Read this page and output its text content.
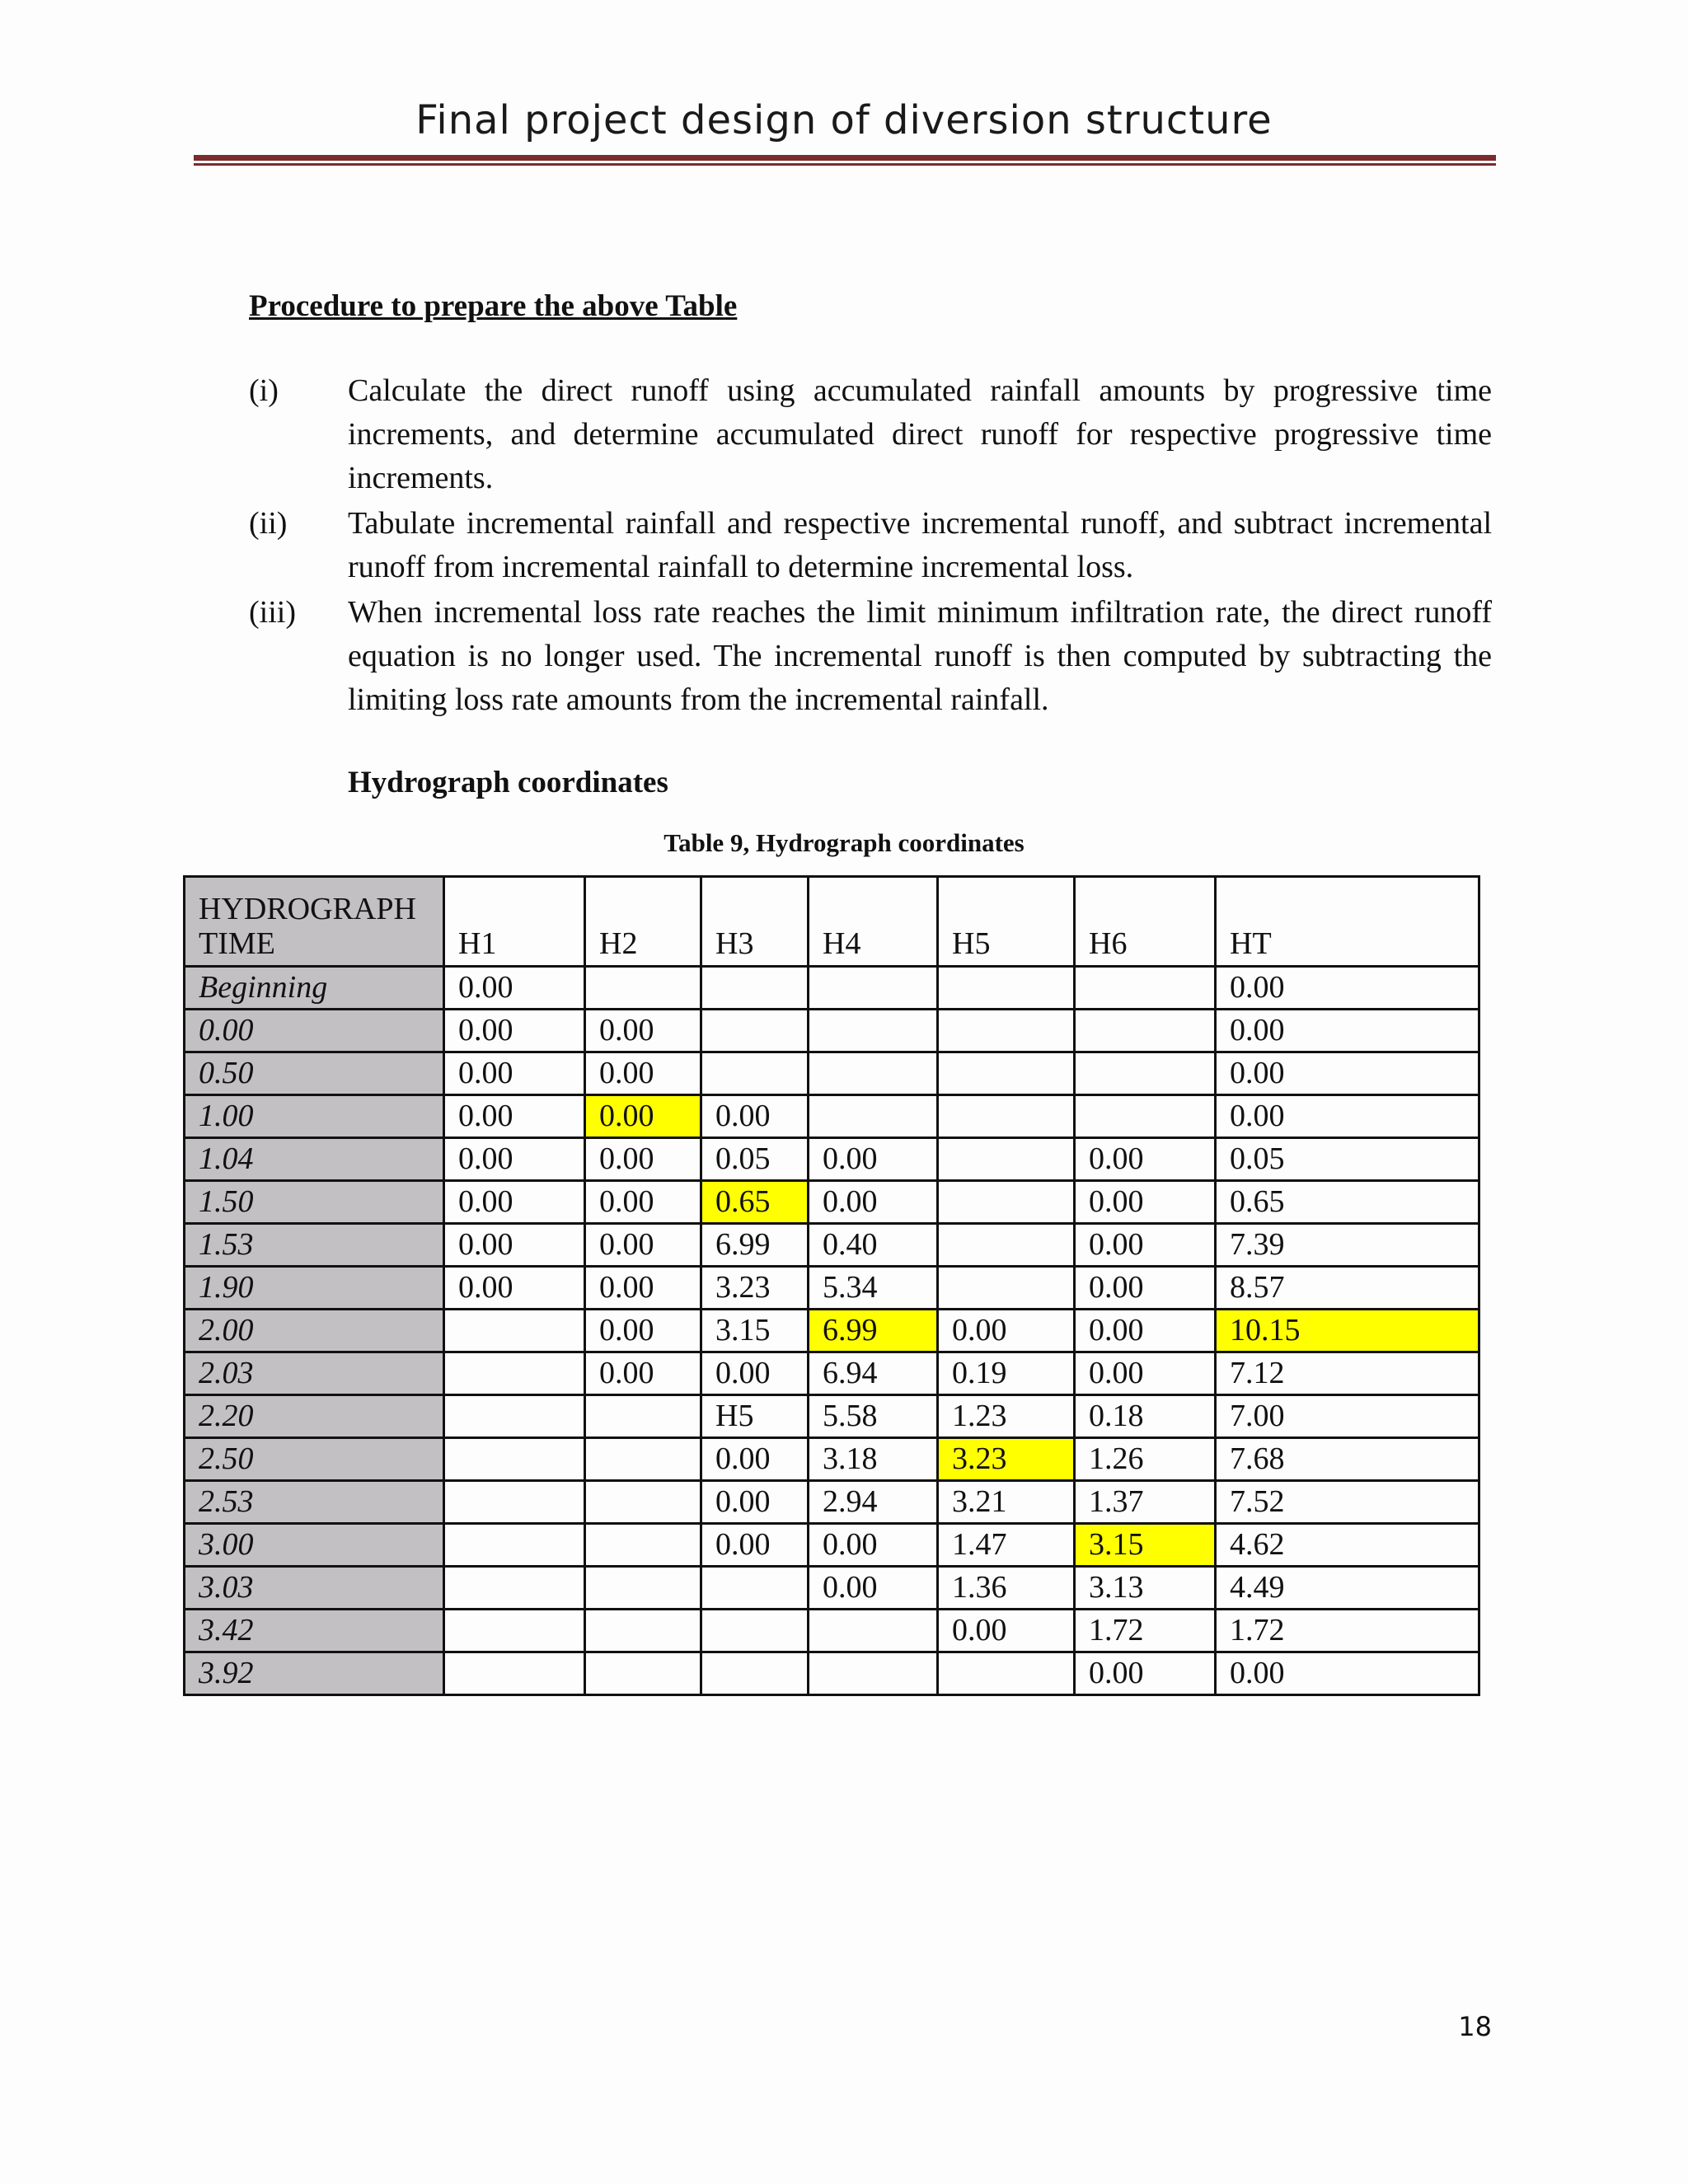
Final project design of diversion structure
Procedure to prepare the above Table
(i) Calculate the direct runoff using accumulated rainfall amounts by progressive time increments, and determine accumulated direct runoff for respective progressive time increments.
(ii) Tabulate incremental rainfall and respective incremental runoff, and subtract incremental runoff from incremental rainfall to determine incremental loss.
(iii) When incremental loss rate reaches the limit minimum infiltration rate, the direct runoff equation is no longer used. The incremental runoff is then computed by subtracting the limiting loss rate amounts from the incremental rainfall.
Hydrograph coordinates
Table 9, Hydrograph coordinates
HYDROGRAPH
TIME	H1	H2	H3	H4	H5	H6	HT
Beginning	0.00						0.00
0.00	0.00	0.00					0.00
0.50	0.00	0.00					0.00
1.00	0.00	0.00	0.00				0.00
1.04	0.00	0.00	0.05	0.00		0.00	0.05
1.50	0.00	0.00	0.65	0.00		0.00	0.65
1.53	0.00	0.00	6.99	0.40		0.00	7.39
1.90	0.00	0.00	3.23	5.34		0.00	8.57
2.00		0.00	3.15	6.99	0.00	0.00	10.15
2.03		0.00	0.00	6.94	0.19	0.00	7.12
2.20			H5	5.58	1.23	0.18	7.00
2.50			0.00	3.18	3.23	1.26	7.68
2.53			0.00	2.94	3.21	1.37	7.52
3.00			0.00	0.00	1.47	3.15	4.62
3.03				0.00	1.36	3.13	4.49
3.42					0.00	1.72	1.72
3.92						0.00	0.00
18
